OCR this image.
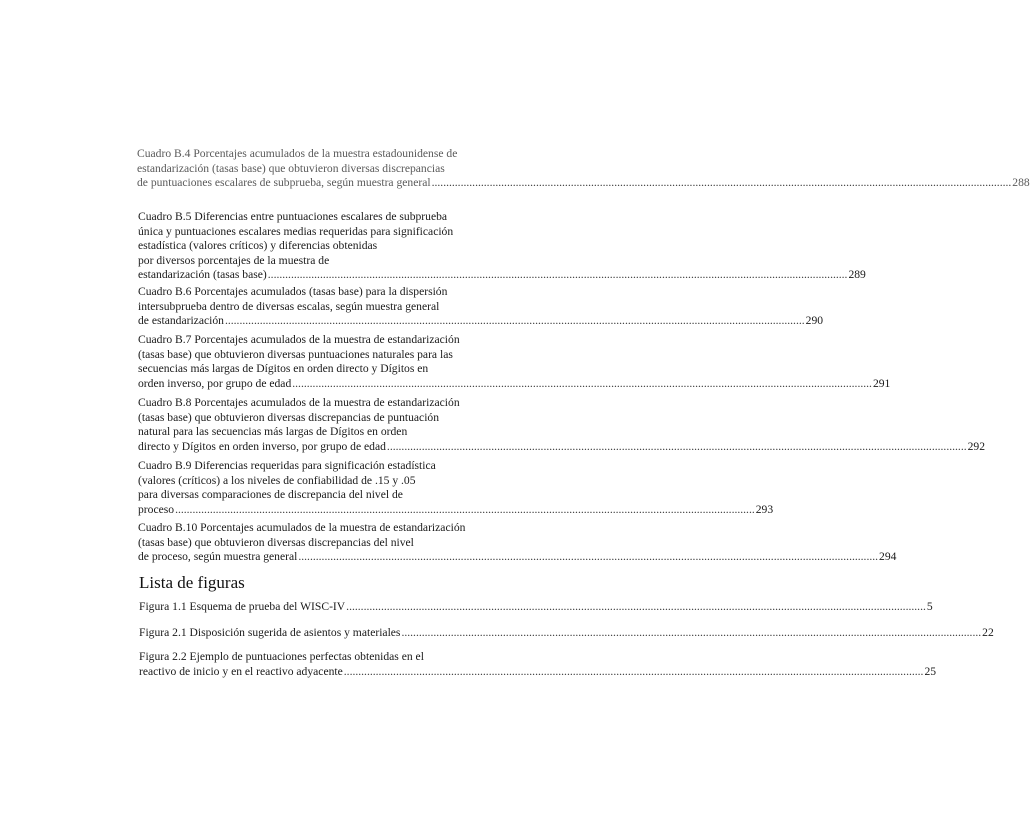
Cuadro B.4 Porcentajes acumulados de la muestra estadounidense de
estandarización (tasas base) que obtuvieron diversas discrepancias
de puntuaciones escalares de subprueba, según muestra general ........................................................................................................................................................................................................ 288
Cuadro B.5 Diferencias entre puntuaciones escalares de subprueba
única y puntuaciones escalares medias requeridas para significación
estadística (valores críticos) y diferencias obtenidas
por diversos porcentajes de la muestra de
estandarización (tasas base) ........................................................................................................................................................................................................ 289
Cuadro B.6 Porcentajes acumulados (tasas base) para la dispersión
intersubprueba dentro de diversas escalas, según muestra general
de estandarización ........................................................................................................................................................................................................ 290
Cuadro B.7 Porcentajes acumulados de la muestra de estandarización
(tasas base) que obtuvieron diversas puntuaciones naturales para las
secuencias más largas de Dígitos en orden directo y Dígitos en
orden inverso, por grupo de edad ........................................................................................................................................................................................................ 291
Cuadro B.8 Porcentajes acumulados de la muestra de estandarización
(tasas base) que obtuvieron diversas discrepancias de puntuación
natural para las secuencias más largas de Dígitos en orden
directo y Dígitos en orden inverso, por grupo de edad ........................................................................................................................................................................................................ 292
Cuadro B.9 Diferencias requeridas para significación estadística
(valores (críticos) a los niveles de confiabilidad de .15 y .05
para diversas comparaciones de discrepancia del nivel de
proceso ........................................................................................................................................................................................................ 293
Cuadro B.10 Porcentajes acumulados de la muestra de estandarización
(tasas base) que obtuvieron diversas discrepancias del nivel
de proceso, según muestra general ........................................................................................................................................................................................................ 294
Lista de figuras
Figura 1.1 Esquema de prueba del WISC-IV ........................................................................................................................................................................................................ 5
Figura 2.1 Disposición sugerida de asientos y materiales ........................................................................................................................................................................................................ 22
Figura 2.2 Ejemplo de puntuaciones perfectas obtenidas en el
reactivo de inicio y en el reactivo adyacente ........................................................................................................................................................................................................ 25
